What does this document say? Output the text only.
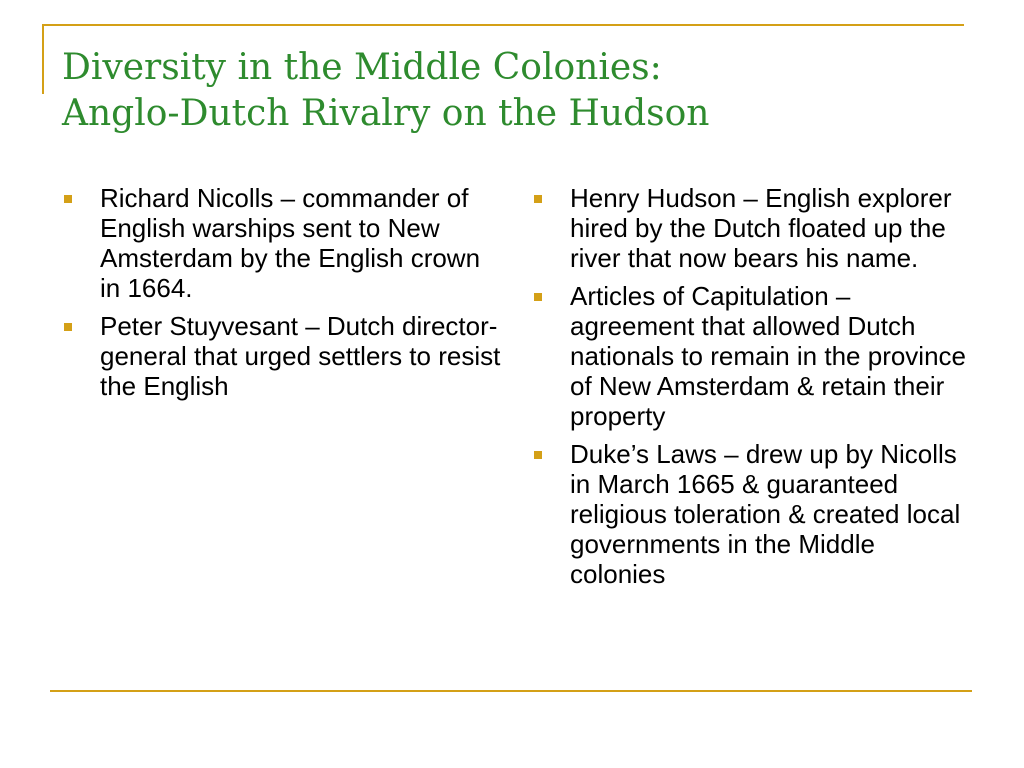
Diversity in the Middle Colonies:
Anglo-Dutch Rivalry on the Hudson
Richard Nicolls – commander of English warships sent to New Amsterdam by the English crown in 1664.
Peter Stuyvesant – Dutch director-general that urged settlers to resist the English
Henry Hudson – English explorer hired by the Dutch floated up the river that now bears his name.
Articles of Capitulation – agreement that allowed Dutch nationals to remain in the province of New Amsterdam & retain their property
Duke’s Laws – drew up by Nicolls in March 1665 & guaranteed religious toleration & created local governments in the Middle colonies
